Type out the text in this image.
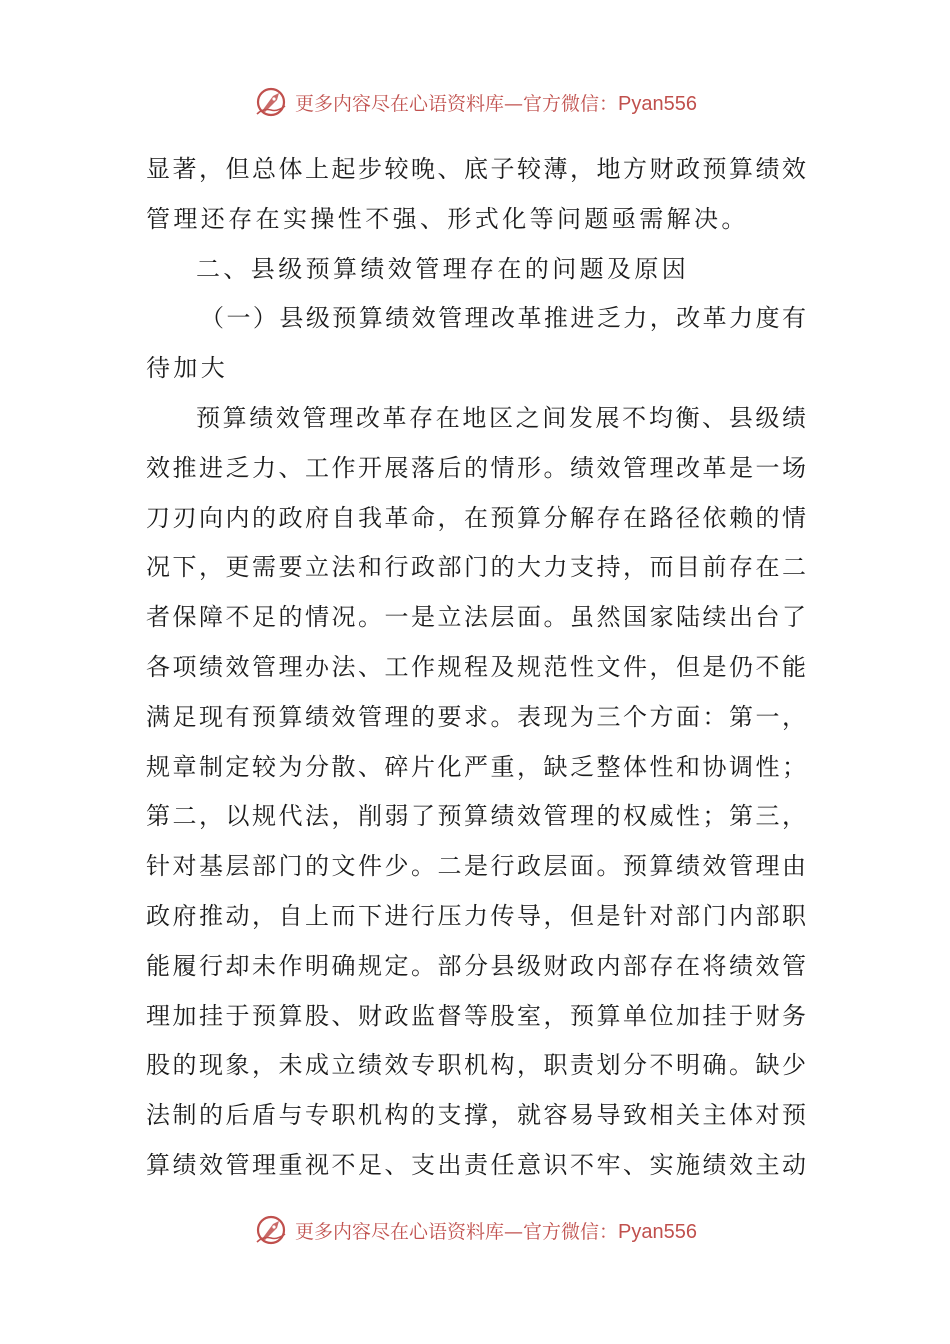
更多内容尽在心语资料库—官方微信：Pyan556
显著，但总体上起步较晚、底子较薄，地方财政预算绩效
管理还存在实操性不强、形式化等问题亟需解决。
二、县级预算绩效管理存在的问题及原因
（一）县级预算绩效管理改革推进乏力，改革力度有
待加大
预算绩效管理改革存在地区之间发展不均衡、县级绩
效推进乏力、工作开展落后的情形。绩效管理改革是一场
刀刃向内的政府自我革命，在预算分解存在路径依赖的情
况下，更需要立法和行政部门的大力支持，而目前存在二
者保障不足的情况。一是立法层面。虽然国家陆续出台了
各项绩效管理办法、工作规程及规范性文件，但是仍不能
满足现有预算绩效管理的要求。表现为三个方面：第一，
规章制定较为分散、碎片化严重，缺乏整体性和协调性；
第二，以规代法，削弱了预算绩效管理的权威性；第三，
针对基层部门的文件少。二是行政层面。预算绩效管理由
政府推动，自上而下进行压力传导，但是针对部门内部职
能履行却未作明确规定。部分县级财政内部存在将绩效管
理加挂于预算股、财政监督等股室，预算单位加挂于财务
股的现象，未成立绩效专职机构，职责划分不明确。缺少
法制的后盾与专职机构的支撑，就容易导致相关主体对预
算绩效管理重视不足、支出责任意识不牢、实施绩效主动
更多内容尽在心语资料库—官方微信：Pyan556
